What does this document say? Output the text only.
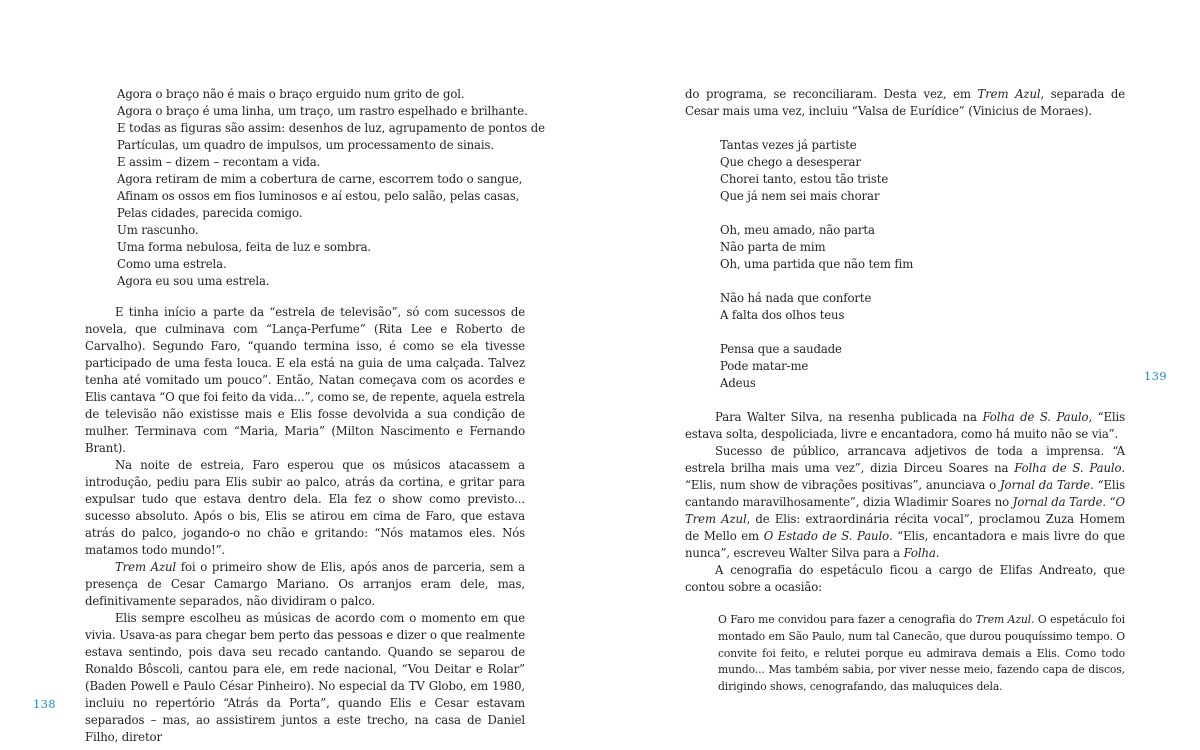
Agora o braço não é mais o braço erguido num grito de gol.
Agora o braço é uma linha, um traço, um rastro espelhado e brilhante.
E todas as figuras são assim: desenhos de luz, agrupamento de pontos de
Partículas, um quadro de impulsos, um processamento de sinais.
E assim – dizem – recontam a vida.
Agora retiram de mim a cobertura de carne, escorrem todo o sangue,
Afinam os ossos em fios luminosos e aí estou, pelo salão, pelas casas,
Pelas cidades, parecida comigo.
Um rascunho.
Uma forma nebulosa, feita de luz e sombra.
Como uma estrela.
Agora eu sou uma estrela.

E tinha início a parte da “estrela de televisão”, só com sucessos de novela, que culminava com “Lança-Perfume” (Rita Lee e Roberto de Carvalho). Segundo Faro, “quando termina isso, é como se ela tivesse participado de uma festa louca. E ela está na guia de uma calçada. Talvez tenha até vomitado um pouco”. Então, Natan começava com os acordes e Elis cantava “O que foi feito da vida...”, como se, de repente, aquela estrela de televisão não existisse mais e Elis fosse devolvida a sua condição de mulher. Terminava com “Maria, Maria” (Milton Nascimento e Fernando Brant).

Na noite de estreia, Faro esperou que os músicos atacassem a introdução, pediu para Elis subir ao palco, atrás da cortina, e gritar para expulsar tudo que estava dentro dela. Ela fez o show como previsto... sucesso absoluto. Após o bis, Elis se atirou em cima de Faro, que estava atrás do palco, jogando-o no chão e gritando: “Nós matamos eles. Nós matamos todo mundo!”.

Trem Azul foi o primeiro show de Elis, após anos de parceria, sem a presença de Cesar Camargo Mariano. Os arranjos eram dele, mas, definitivamente separados, não dividiram o palco.

Elis sempre escolheu as músicas de acordo com o momento em que vivia. Usava-as para chegar bem perto das pessoas e dizer o que realmente estava sentindo, pois dava seu recado cantando. Quando se separou de Ronaldo Bôscoli, cantou para ele, em rede nacional, “Vou Deitar e Rolar” (Baden Powell e Paulo César Pinheiro). No especial da TV Globo, em 1980, incluiu no repertório “Atrás da Porta”, quando Elis e Cesar estavam separados – mas, ao assistirem juntos a este trecho, na casa de Daniel Filho, diretor

do programa, se reconciliaram. Desta vez, em Trem Azul, separada de Cesar mais uma vez, incluiu “Valsa de Eurídice” (Vinicius de Moraes).

Tantas vezes já partiste
Que chego a desesperar
Chorei tanto, estou tão triste
Que já nem sei mais chorar
Oh, meu amado, não parta
Não parta de mim
Oh, uma partida que não tem fim
Não há nada que conforte
A falta dos olhos teus
Pensa que a saudade
Pode matar-me
Adeus

Para Walter Silva, na resenha publicada na Folha de S. Paulo, “Elis estava solta, despoliciada, livre e encantadora, como há muito não se via”.

Sucesso de público, arrancava adjetivos de toda a imprensa. “A estrela brilha mais uma vez”, dizia Dirceu Soares na Folha de S. Paulo. “Elis, num show de vibrações positivas”, anunciava o Jornal da Tarde. “Elis cantando maravilhosamente”, dizia Wladimir Soares no Jornal da Tarde. “O Trem Azul, de Elis: extraordinária récita vocal”, proclamou Zuza Homem de Mello em O Estado de S. Paulo. “Elis, encantadora e mais livre do que nunca”, escreveu Walter Silva para a Folha.

A cenografia do espetáculo ficou a cargo de Elifas Andreato, que contou sobre a ocasião:

O Faro me convidou para fazer a cenografia do Trem Azul. O espetáculo foi montado em São Paulo, num tal Canecão, que durou pouquíssimo tempo. O convite foi feito, e relutei porque eu admirava demais a Elis. Como todo mundo... Mas também sabia, por viver nesse meio, fazendo capa de discos, dirigindo shows, cenografando, das maluquices dela.
138
139
